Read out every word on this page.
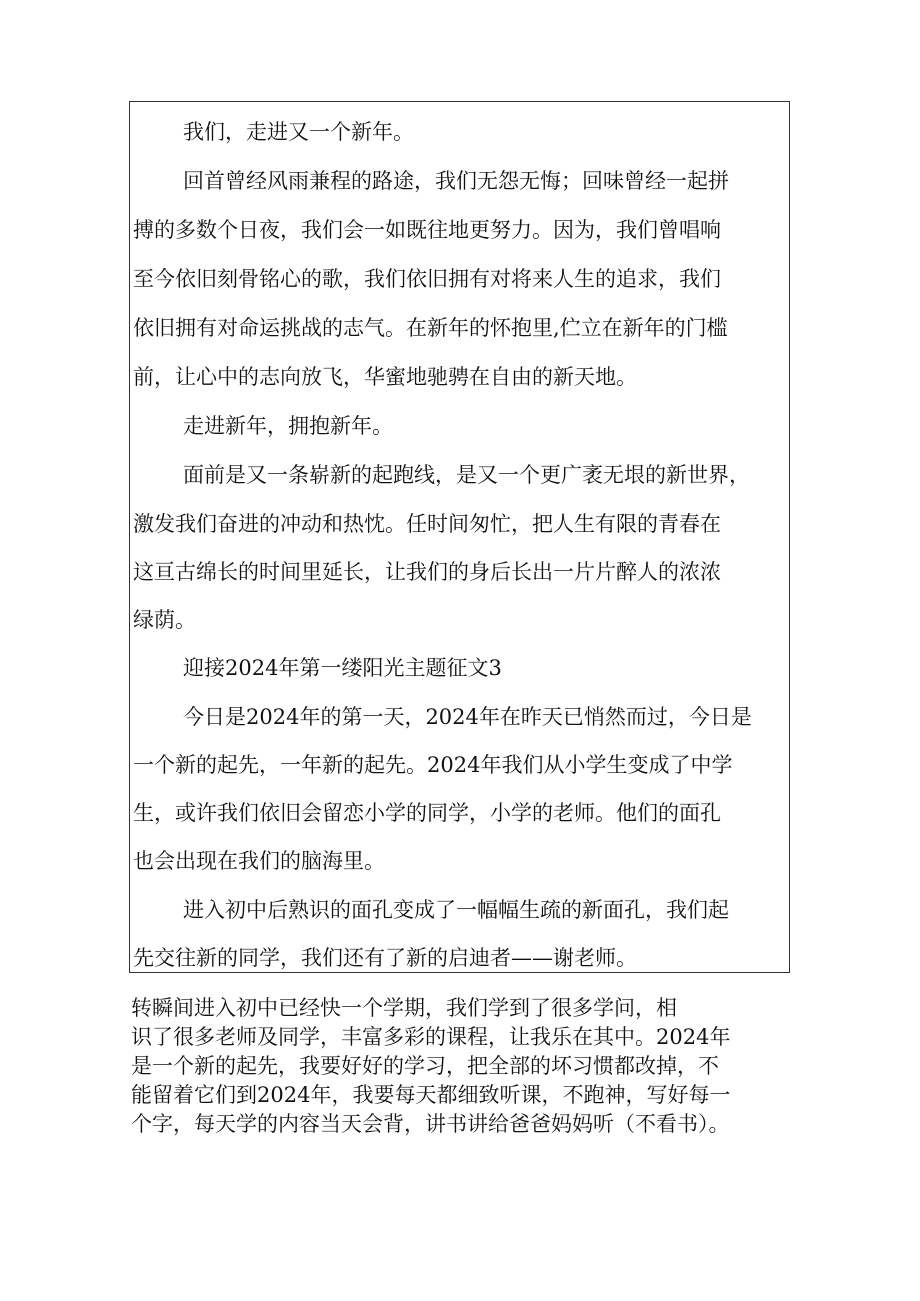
我们，走进又一个新年。

回首曾经风雨兼程的路途，我们无怨无悔；回味曾经一起拼

搏的多数个日夜，我们会一如既往地更努力。因为，我们曾唱响

至今依旧刻骨铭心的歌，我们依旧拥有对将来人生的追求，我们

依旧拥有对命运挑战的志气。在新年的怀抱里,伫立在新年的门槛

前，让心中的志向放飞，华蜜地驰骋在自由的新天地。

走进新年，拥抱新年。

面前是又一条崭新的起跑线，是又一个更广袤无垠的新世界，

激发我们奋进的冲动和热忱。任时间匆忙，把人生有限的青春在

这亘古绵长的时间里延长，让我们的身后长出一片片醉人的浓浓

绿荫。

迎接2024年第一缕阳光主题征文3

今日是2024年的第一天，2024年在昨天已悄然而过，今日是

一个新的起先，一年新的起先。2024年我们从小学生变成了中学

生，或许我们依旧会留恋小学的同学，小学的老师。他们的面孔

也会出现在我们的脑海里。

进入初中后熟识的面孔变成了一幅幅生疏的新面孔，我们起

先交往新的同学，我们还有了新的启迪者——谢老师。

转瞬间进入初中已经快一个学期，我们学到了很多学问，相
识了很多老师及同学，丰富多彩的课程，让我乐在其中。2024年
是一个新的起先，我要好好的学习，把全部的坏习惯都改掉，不
能留着它们到2024年，我要每天都细致听课，不跑神，写好每一
个字，每天学的内容当天会背，讲书讲给爸爸妈妈听（不看书）。
